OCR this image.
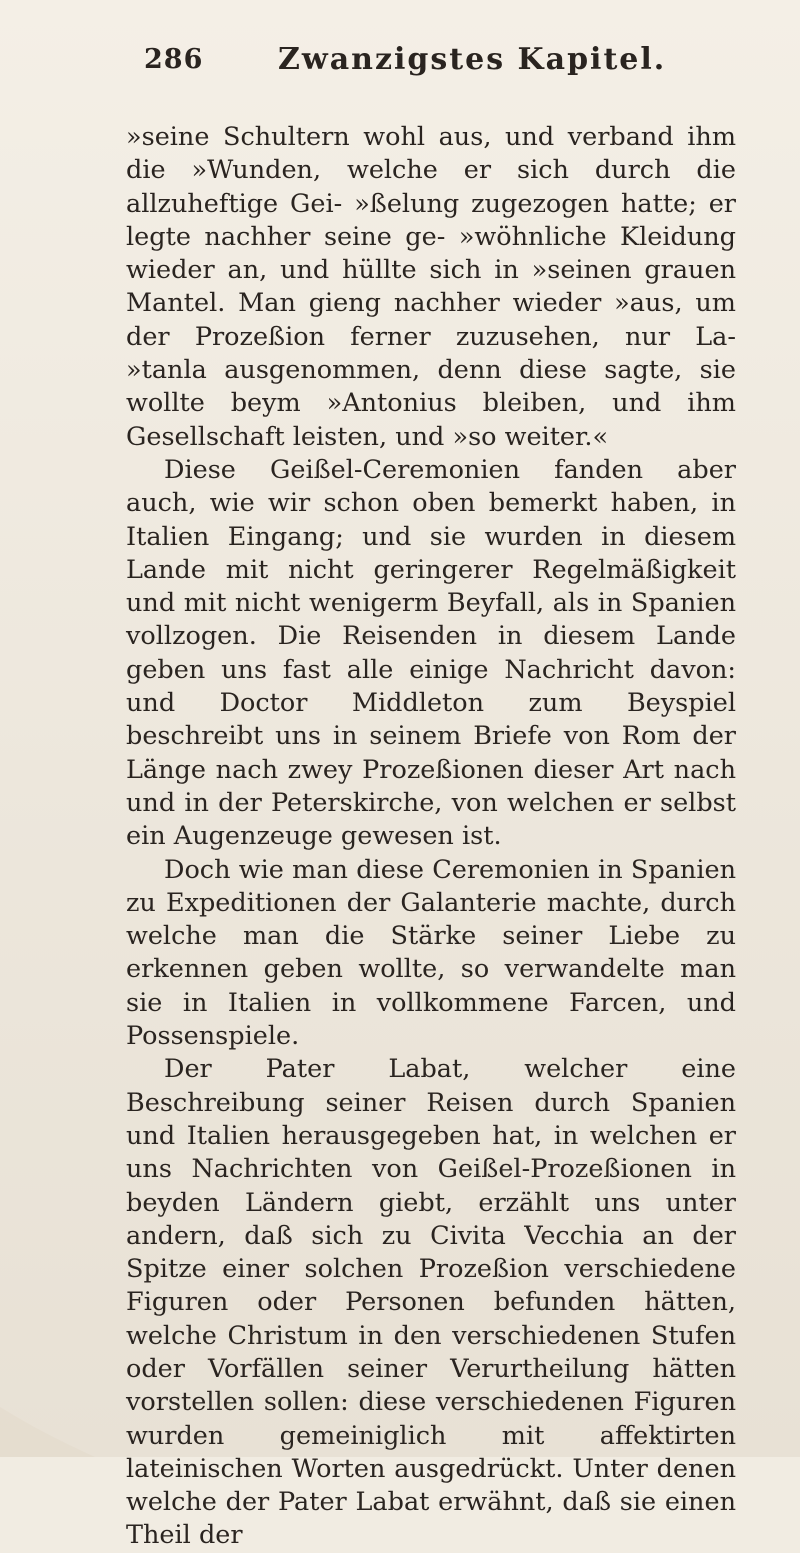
286 Zwanzigstes Kapitel.

»seine Schultern wohl aus, und verband ihm die »Wunden, welche er sich durch die allzuheftige Gei- »ßelung zugezogen hatte; er legte nachher seine ge- »wöhnliche Kleidung wieder an, und hüllte sich in »seinen grauen Mantel. Man gieng nachher wieder »aus, um der Prozeßion ferner zuzusehen, nur La- »tanla ausgenommen, denn diese sagte, sie wollte beym »Antonius bleiben, und ihm Gesellschaft leisten, und »so weiter.«

Diese Geißel-Ceremonien fanden aber auch, wie wir schon oben bemerkt haben, in Italien Eingang; und sie wurden in diesem Lande mit nicht geringerer Regelmäßigkeit und mit nicht wenigerm Beyfall, als in Spanien vollzogen. Die Reisenden in diesem Lande geben uns fast alle einige Nachricht davon: und Doctor Middleton zum Beyspiel beschreibt uns in seinem Briefe von Rom der Länge nach zwey Prozeßionen dieser Art nach und in der Peterskirche, von welchen er selbst ein Augenzeuge gewesen ist.

Doch wie man diese Ceremonien in Spanien zu Expeditionen der Galanterie machte, durch welche man die Stärke seiner Liebe zu erkennen geben wollte, so verwandelte man sie in Italien in vollkommene Farcen, und Possenspiele.

Der Pater Labat, welcher eine Beschreibung seiner Reisen durch Spanien und Italien herausgegeben hat, in welchen er uns Nachrichten von Geißel-Prozeßionen in beyden Ländern giebt, erzählt uns unter andern, daß sich zu Civita Vecchia an der Spitze einer solchen Prozeßion verschiedene Figuren oder Personen befunden hätten, welche Christum in den verschiedenen Stufen oder Vorfällen seiner Verurtheilung hätten vorstellen sollen: diese verschiedenen Figuren wurden gemeiniglich mit affektirten lateinischen Worten ausgedrückt. Unter denen welche der Pater Labat erwähnt, daß sie einen Theil der
